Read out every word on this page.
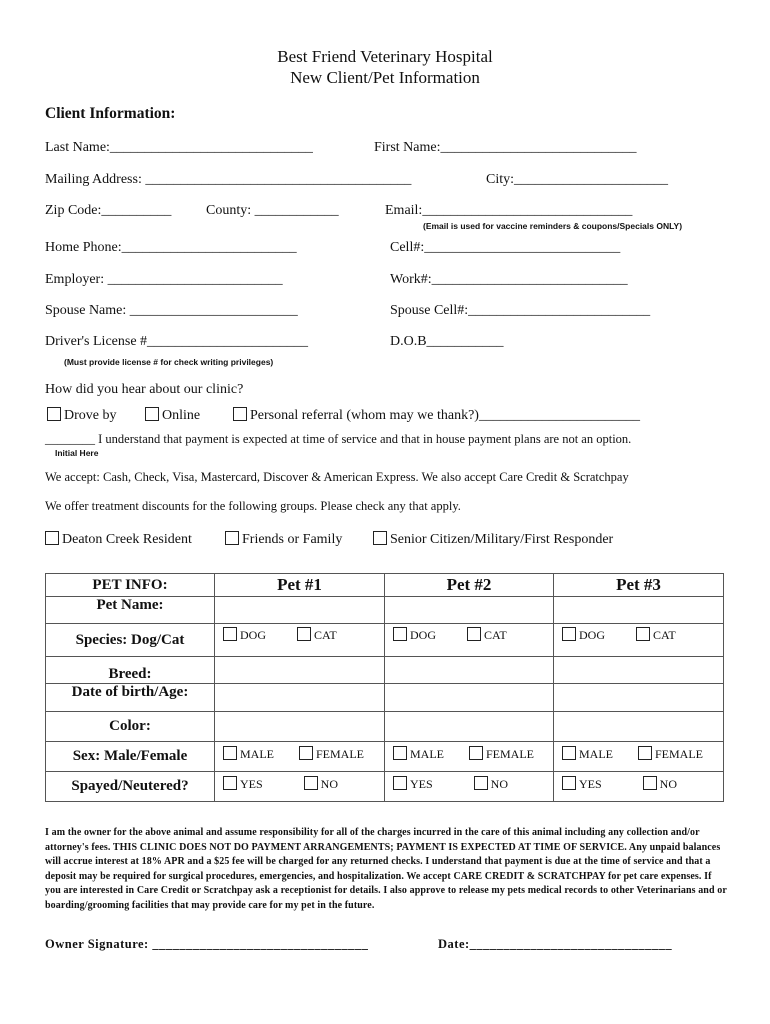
Best Friend Veterinary Hospital
New Client/Pet Information
Client Information:
Last Name:_____________________________	First Name:____________________________
Mailing Address: ______________________________________	City:______________________
Zip Code:__________ County: ____________	Email:______________________________
(Email is used for vaccine reminders & coupons/Specials ONLY)
Home Phone:_________________________	Cell#:____________________________
Employer: _________________________	Work#:____________________________
Spouse Name: ________________________	Spouse Cell#:__________________________
Driver's License #_______________________	D.O.B___________
(Must provide license # for check writing privileges)
How did you hear about our clinic?
Drove by	Online	Personal referral (whom may we thank?)_______________________
________ I understand that payment is expected at time of service and that in house payment plans are not an option.
Initial Here
We accept: Cash, Check, Visa, Mastercard, Discover & American Express. We also accept Care Credit & Scratchpay
We offer treatment discounts for the following groups. Please check any that apply.
Deaton Creek Resident	Friends or Family	Senior Citizen/Military/First Responder
PET INFO:	Pet #1	Pet #2	Pet #3
Pet Name:			
Species: Dog/Cat	DOG CAT	DOG CAT	DOG CAT
Breed:			
Date of birth/Age:			
Color:			
Sex: Male/Female	MALE FEMALE	MALE FEMALE	MALE FEMALE
Spayed/Neutered?	YES NO	YES NO	YES NO
I am the owner for the above animal and assume responsibility for all of the charges incurred in the care of this animal including any collection and/or attorney's fees. THIS CLINIC DOES NOT DO PAYMENT ARRANGEMENTS; PAYMENT IS EXPECTED AT TIME OF SERVICE. Any unpaid balances will accrue interest at 18% APR and a $25 fee will be charged for any returned checks. I understand that payment is due at the time of service and that a deposit may be required for surgical procedures, emergencies, and hospitalization. We accept CARE CREDIT & SCRATCHPAY for pet care expenses. If you are interested in Care Credit or Scratchpay ask a receptionist for details. I also approve to release my pets medical records to other Veterinarians and or boarding/grooming facilities that may provide care for my pet in the future.
Owner Signature: ________________________________	Date:______________________________
